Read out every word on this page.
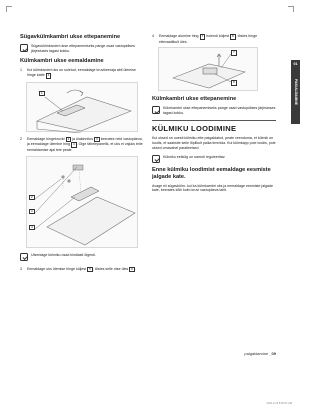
Sügavkülmkambri ukse ettepanemine
Sügavkülmkambri ukse ettepanemiseks pange osad vastupidises järjestuses tagasi kokku.
Külmkambri ukse eemaldamine
1	Kui külmkambri uks on suletud, eemaldage kruvikeeraja abil ülemise hinge katte 1 .
1
2	Eemaldage hingekruvid 2 ja ülakinnitus 3 keerates neid vastupäeva, ja eemaldage ülemine hing 4 . Olge tähelepanelik, et uks ei vajuks teile eemaldamise ajal teie peale.
2
3
4
Ulserdage külmiku osad kindlasti õigesti.
3	Eemaldage uks ülemise hinge küljest 5 , tõstes selle otse üles 6 .
4	Eemaldage alumine hing 7 hoiendi küljest 8 , tõstes hinge ettevaatlikult üles.
7
8
Külmkambri ukse ettepanemine
Külmkambri ukse ettepanemiseks pange osad vastupidises järjestuses tagasi kokku.
KÜLMIKU LOODIMINE
Kui uksed on uuesti külmiku ette paigaldatud, peate veenduma, et külmik on loodis, et saaksite selle lõplikult paika timmida. Kui külmkapp pole loodis, pole uksed omavahel paralleelsed.
Külmiku eelkülg on samuti reguleeritav.
Enne külmiku loodimist eemaldage eesmiste jalgade kate.
Avage nii sügavkülm- kui ka külmkambri uks ja eemaldage eesmiste jalgade kate, keerates kõik kolm kruvi vastupäeva lahti.
01
PAIGALDAMINE
paigaldamine _09
2011-2-16 8:40:51 AM
